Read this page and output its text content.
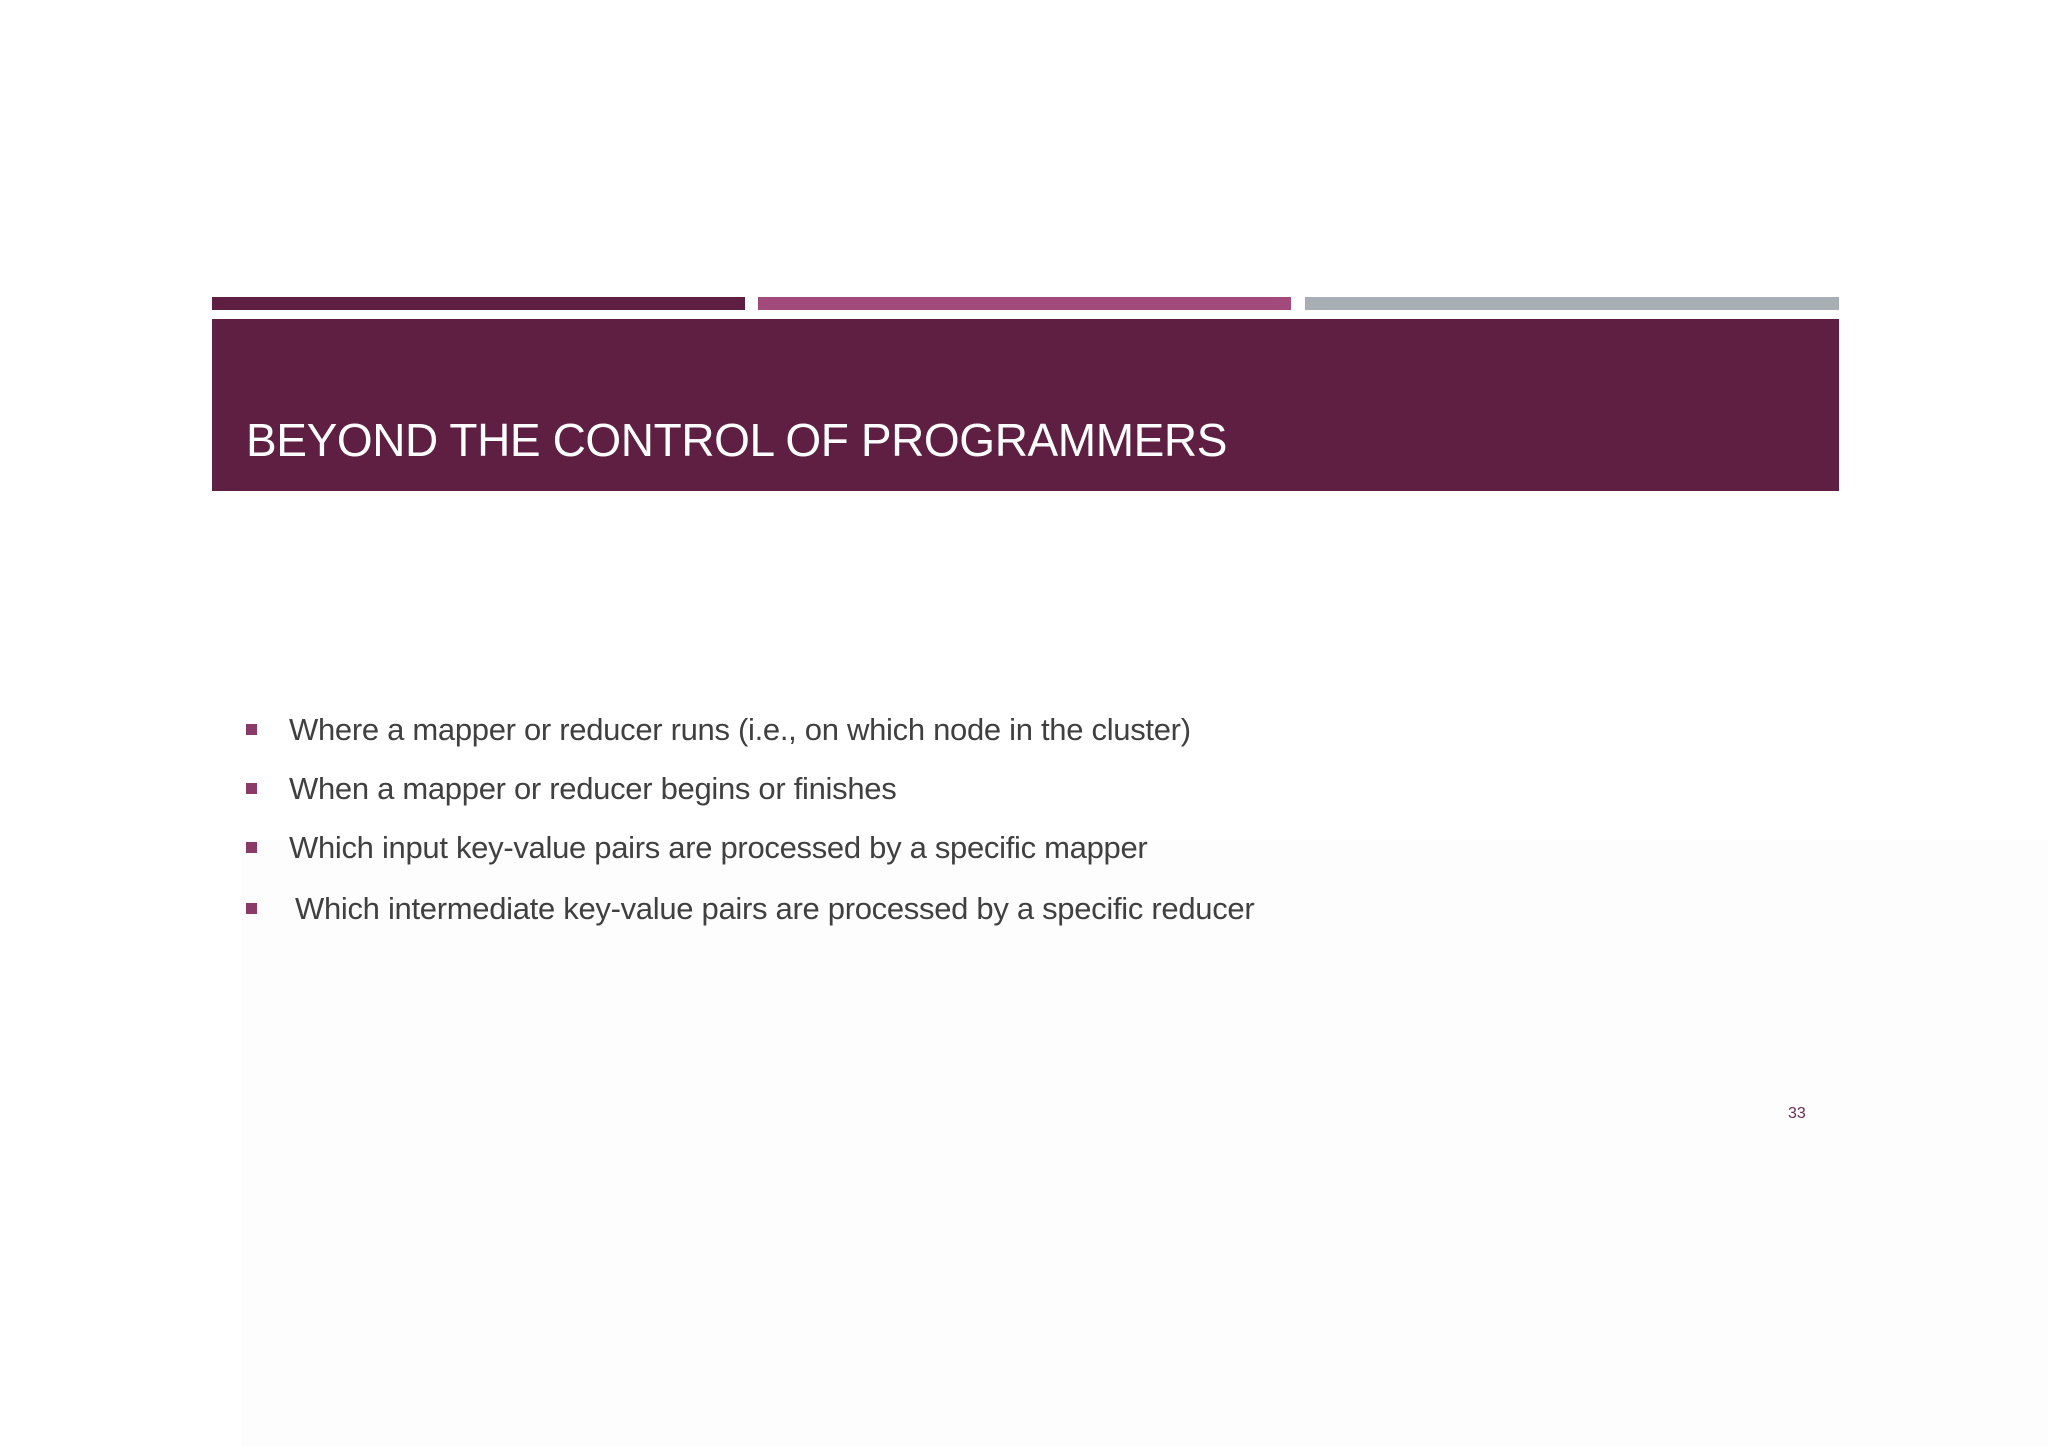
BEYOND THE CONTROL OF PROGRAMMERS
Where a mapper or reducer runs (i.e., on which node in the cluster)
When a mapper or reducer begins or finishes
Which input key-value pairs are processed by a specific mapper
Which intermediate key-value pairs are processed by a specific reducer
33
